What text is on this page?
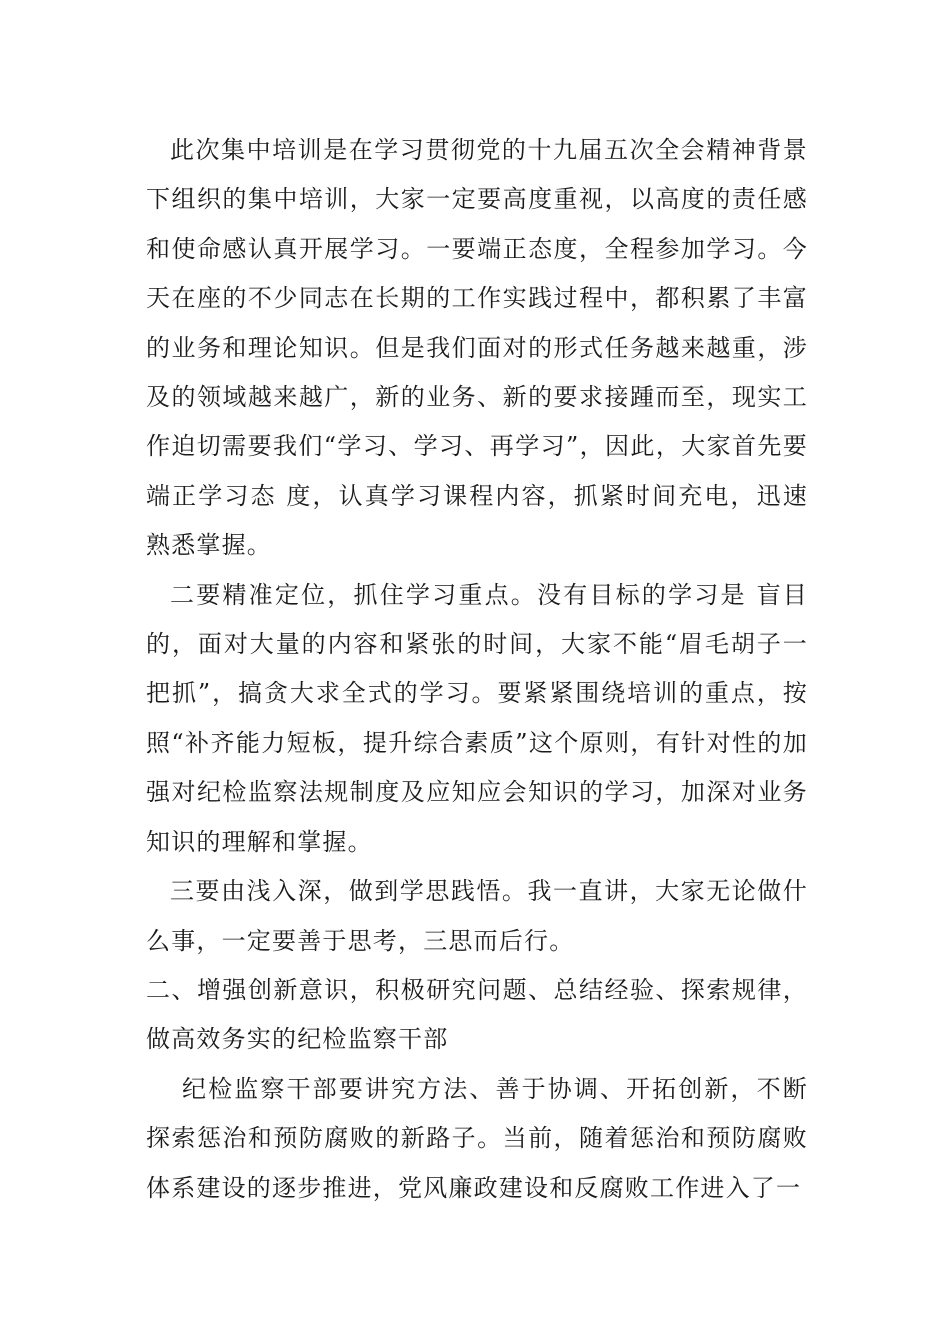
此次集中培训是在学习贯彻党的十九届五次全会精神背景下组织的集中培训，大家一定要高度重视，以高度的责任感和使命感认真开展学习。一要端正态度，全程参加学习。今天在座的不少同志在长期的工作实践过程中，都积累了丰富的业务和理论知识。但是我们面对的形式任务越来越重，涉及的领域越来越广，新的业务、新的要求接踵而至，现实工作迫切需要我们“学习、学习、再学习”，因此，大家首先要端正学习态 度，认真学习课程内容，抓紧时间充电，迅速熟悉掌握。

二要精准定位，抓住学习重点。没有目标的学习是 盲目的，面对大量的内容和紧张的时间，大家不能“眉毛胡子一把抓”，搞贪大求全式的学习。要紧紧围绕培训的重点，按照“补齐能力短板，提升综合素质”这个原则，有针对性的加强对纪检监察法规制度及应知应会知识的学习，加深对业务知识的理解和掌握。

三要由浅入深，做到学思践悟。我一直讲，大家无论做什么事，一定要善于思考，三思而后行。

二、增强创新意识，积极研究问题、总结经验、探索规律，做高效务实的纪检监察干部

纪检监察干部要讲究方法、善于协调、开拓创新，不断探索惩治和预防腐败的新路子。当前，随着惩治和预防腐败体系建设的逐步推进，党风廉政建设和反腐败工作进入了一
